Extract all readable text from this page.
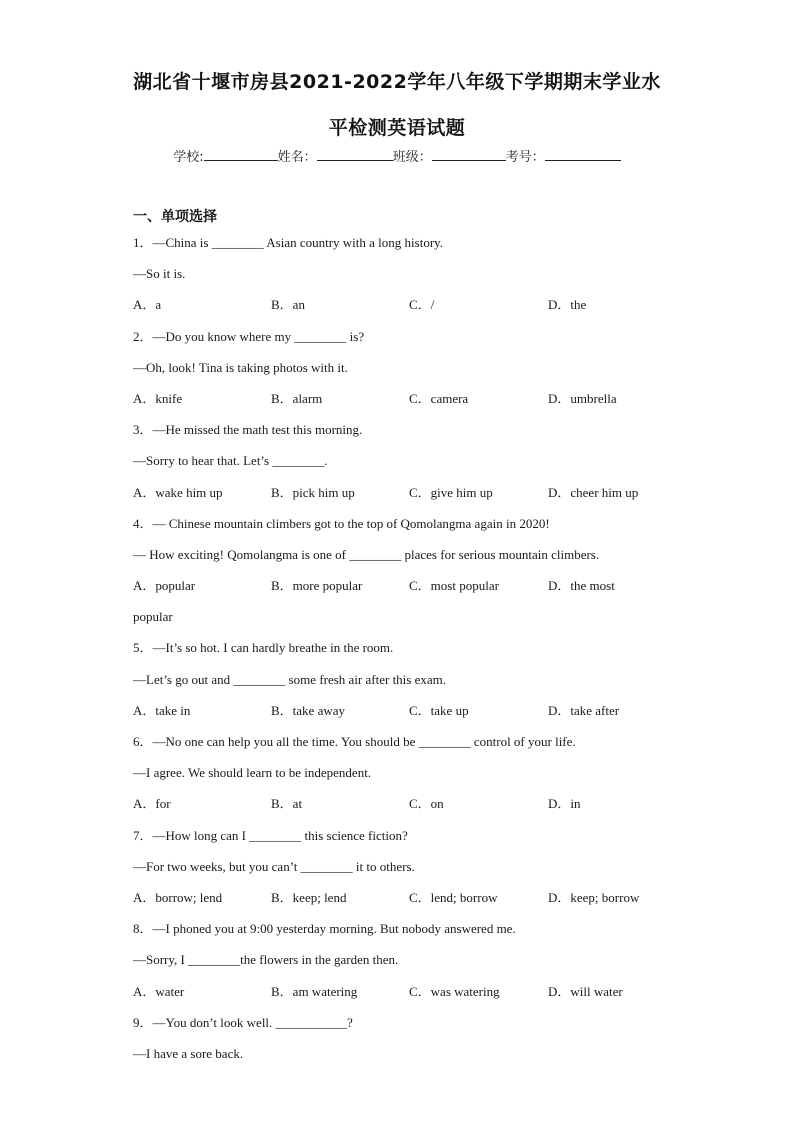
湖北省十堰市房县2021-2022学年八年级下学期期末学业水
平检测英语试题
学校:	姓名：	班级：	考号：
一、单项选择
1．—China is ________ Asian country with a long history.
—So it is.
A．a	B．an	C．/	D．the
2．—Do you know where my ________ is?
—Oh, look! Tina is taking photos with it.
A．knife	B．alarm	C．camera	D．umbrella
3．—He missed the math test this morning.
—Sorry to hear that. Let’s ________.
A．wake him up	B．pick him up	C．give him up	D．cheer him up
4．— Chinese mountain climbers got to the top of Qomolangma again in 2020!
— How exciting! Qomolangma is one of ________ places for serious mountain climbers.
A．popular	B．more popular	C．most popular	D．the most
popular
5．—It’s so hot. I can hardly breathe in the room.
—Let’s go out and ________ some fresh air after this exam.
A．take in	B．take away	C．take up	D．take after
6．—No one can help you all the time. You should be ________ control of your life.
—I agree. We should learn to be independent.
A．for	B．at	C．on	D．in
7．—How long can I ________ this science fiction?
—For two weeks, but you can’t ________ it to others.
A．borrow; lend	B．keep; lend	C．lend; borrow	D．keep; borrow
8．—I phoned you at 9:00 yesterday morning. But nobody answered me.
—Sorry, I ________the flowers in the garden then.
A．water	B．am watering	C．was watering	D．will water
9．—You don’t look well. ___________?
—I have a sore back.
